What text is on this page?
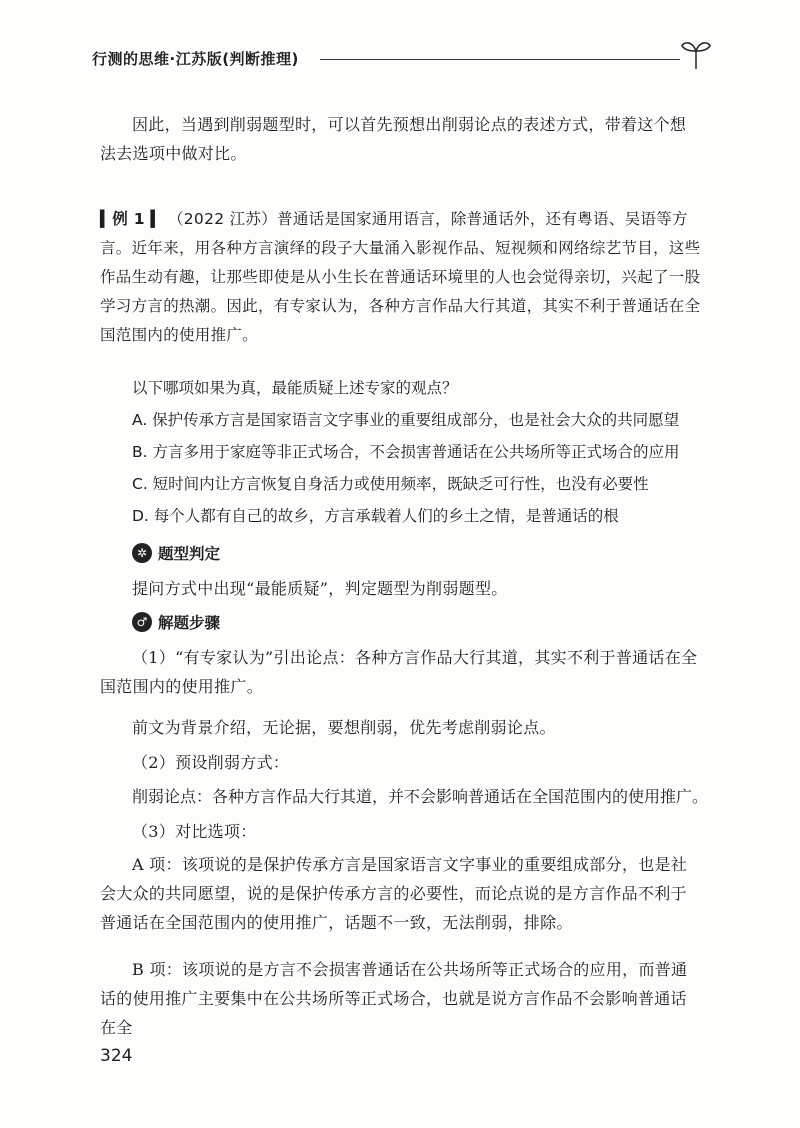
行测的思维·江苏版(判断推理)

因此，当遇到削弱题型时，可以首先预想出削弱论点的表述方式，带着这个想法去选项中做对比。

▍例 1 ▍ （2022 江苏）普通话是国家通用语言，除普通话外，还有粤语、吴语等方言。近年来，用各种方言演绎的段子大量涌入影视作品、短视频和网络综艺节目，这些作品生动有趣，让那些即使是从小生长在普通话环境里的人也会觉得亲切，兴起了一股学习方言的热潮。因此，有专家认为，各种方言作品大行其道，其实不利于普通话在全国范围内的使用推广。

以下哪项如果为真，最能质疑上述专家的观点？

A. 保护传承方言是国家语言文字事业的重要组成部分，也是社会大众的共同愿望

B. 方言多用于家庭等非正式场合，不会损害普通话在公共场所等正式场合的应用

C. 短时间内让方言恢复自身活力或使用频率，既缺乏可行性，也没有必要性

D. 每个人都有自己的故乡，方言承载着人们的乡土之情，是普通话的根

✲ 题型判定

提问方式中出现“最能质疑”，判定题型为削弱题型。

♂ 解题步骤

（1）“有专家认为”引出论点：各种方言作品大行其道，其实不利于普通话在全国范围内的使用推广。

前文为背景介绍，无论据，要想削弱，优先考虑削弱论点。

（2）预设削弱方式：

削弱论点：各种方言作品大行其道，并不会影响普通话在全国范围内的使用推广。

（3）对比选项：

A 项：该项说的是保护传承方言是国家语言文字事业的重要组成部分，也是社会大众的共同愿望，说的是保护传承方言的必要性，而论点说的是方言作品不利于普通话在全国范围内的使用推广，话题不一致，无法削弱，排除。

B 项：该项说的是方言不会损害普通话在公共场所等正式场合的应用，而普通话的使用推广主要集中在公共场所等正式场合，也就是说方言作品不会影响普通话在全

324
